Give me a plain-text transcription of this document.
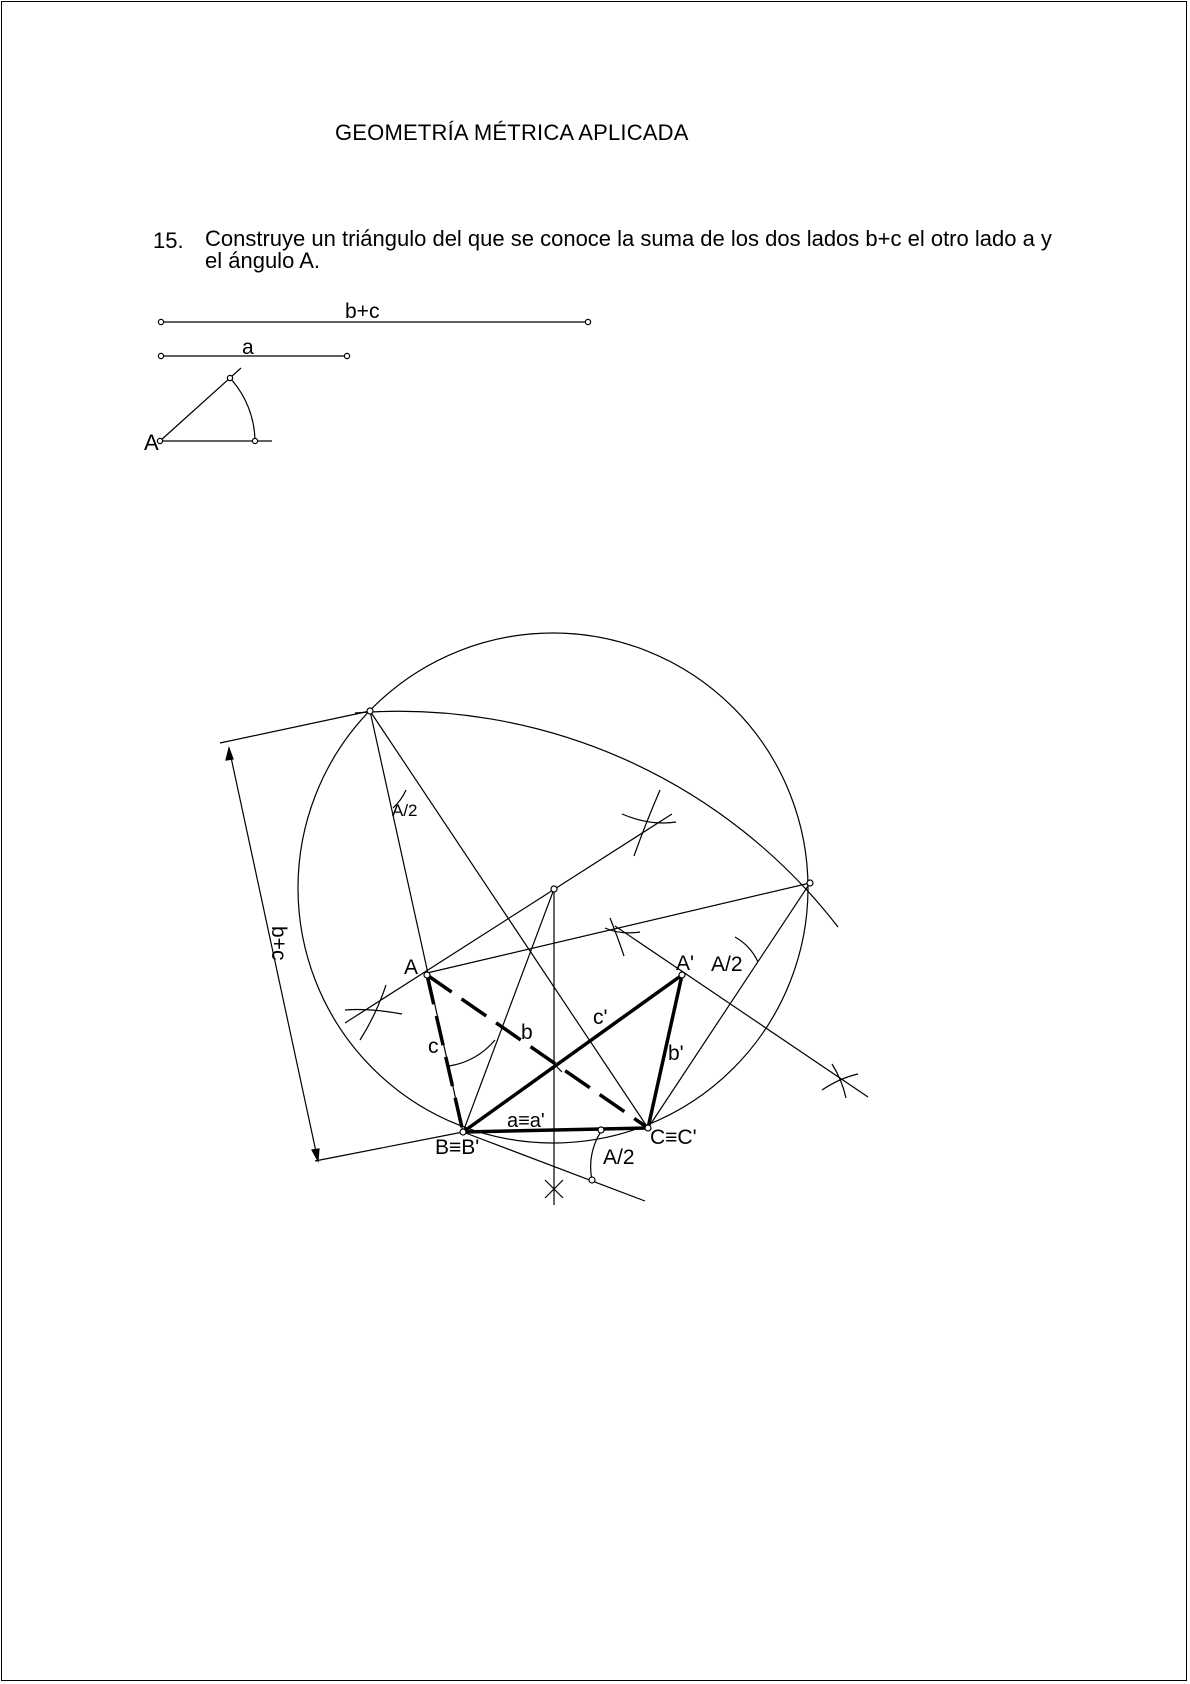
GEOMETRÍA MÉTRICA APLICADA
15. Construye un triángulo del que se conoce la suma de los dos lados b+c el otro lado a y el ángulo A.
b+c
a
A
A	A'
B≡B'	C≡C'
b
c	b'
c'
a≡a'
A/2
A/2
A/2
b+c
